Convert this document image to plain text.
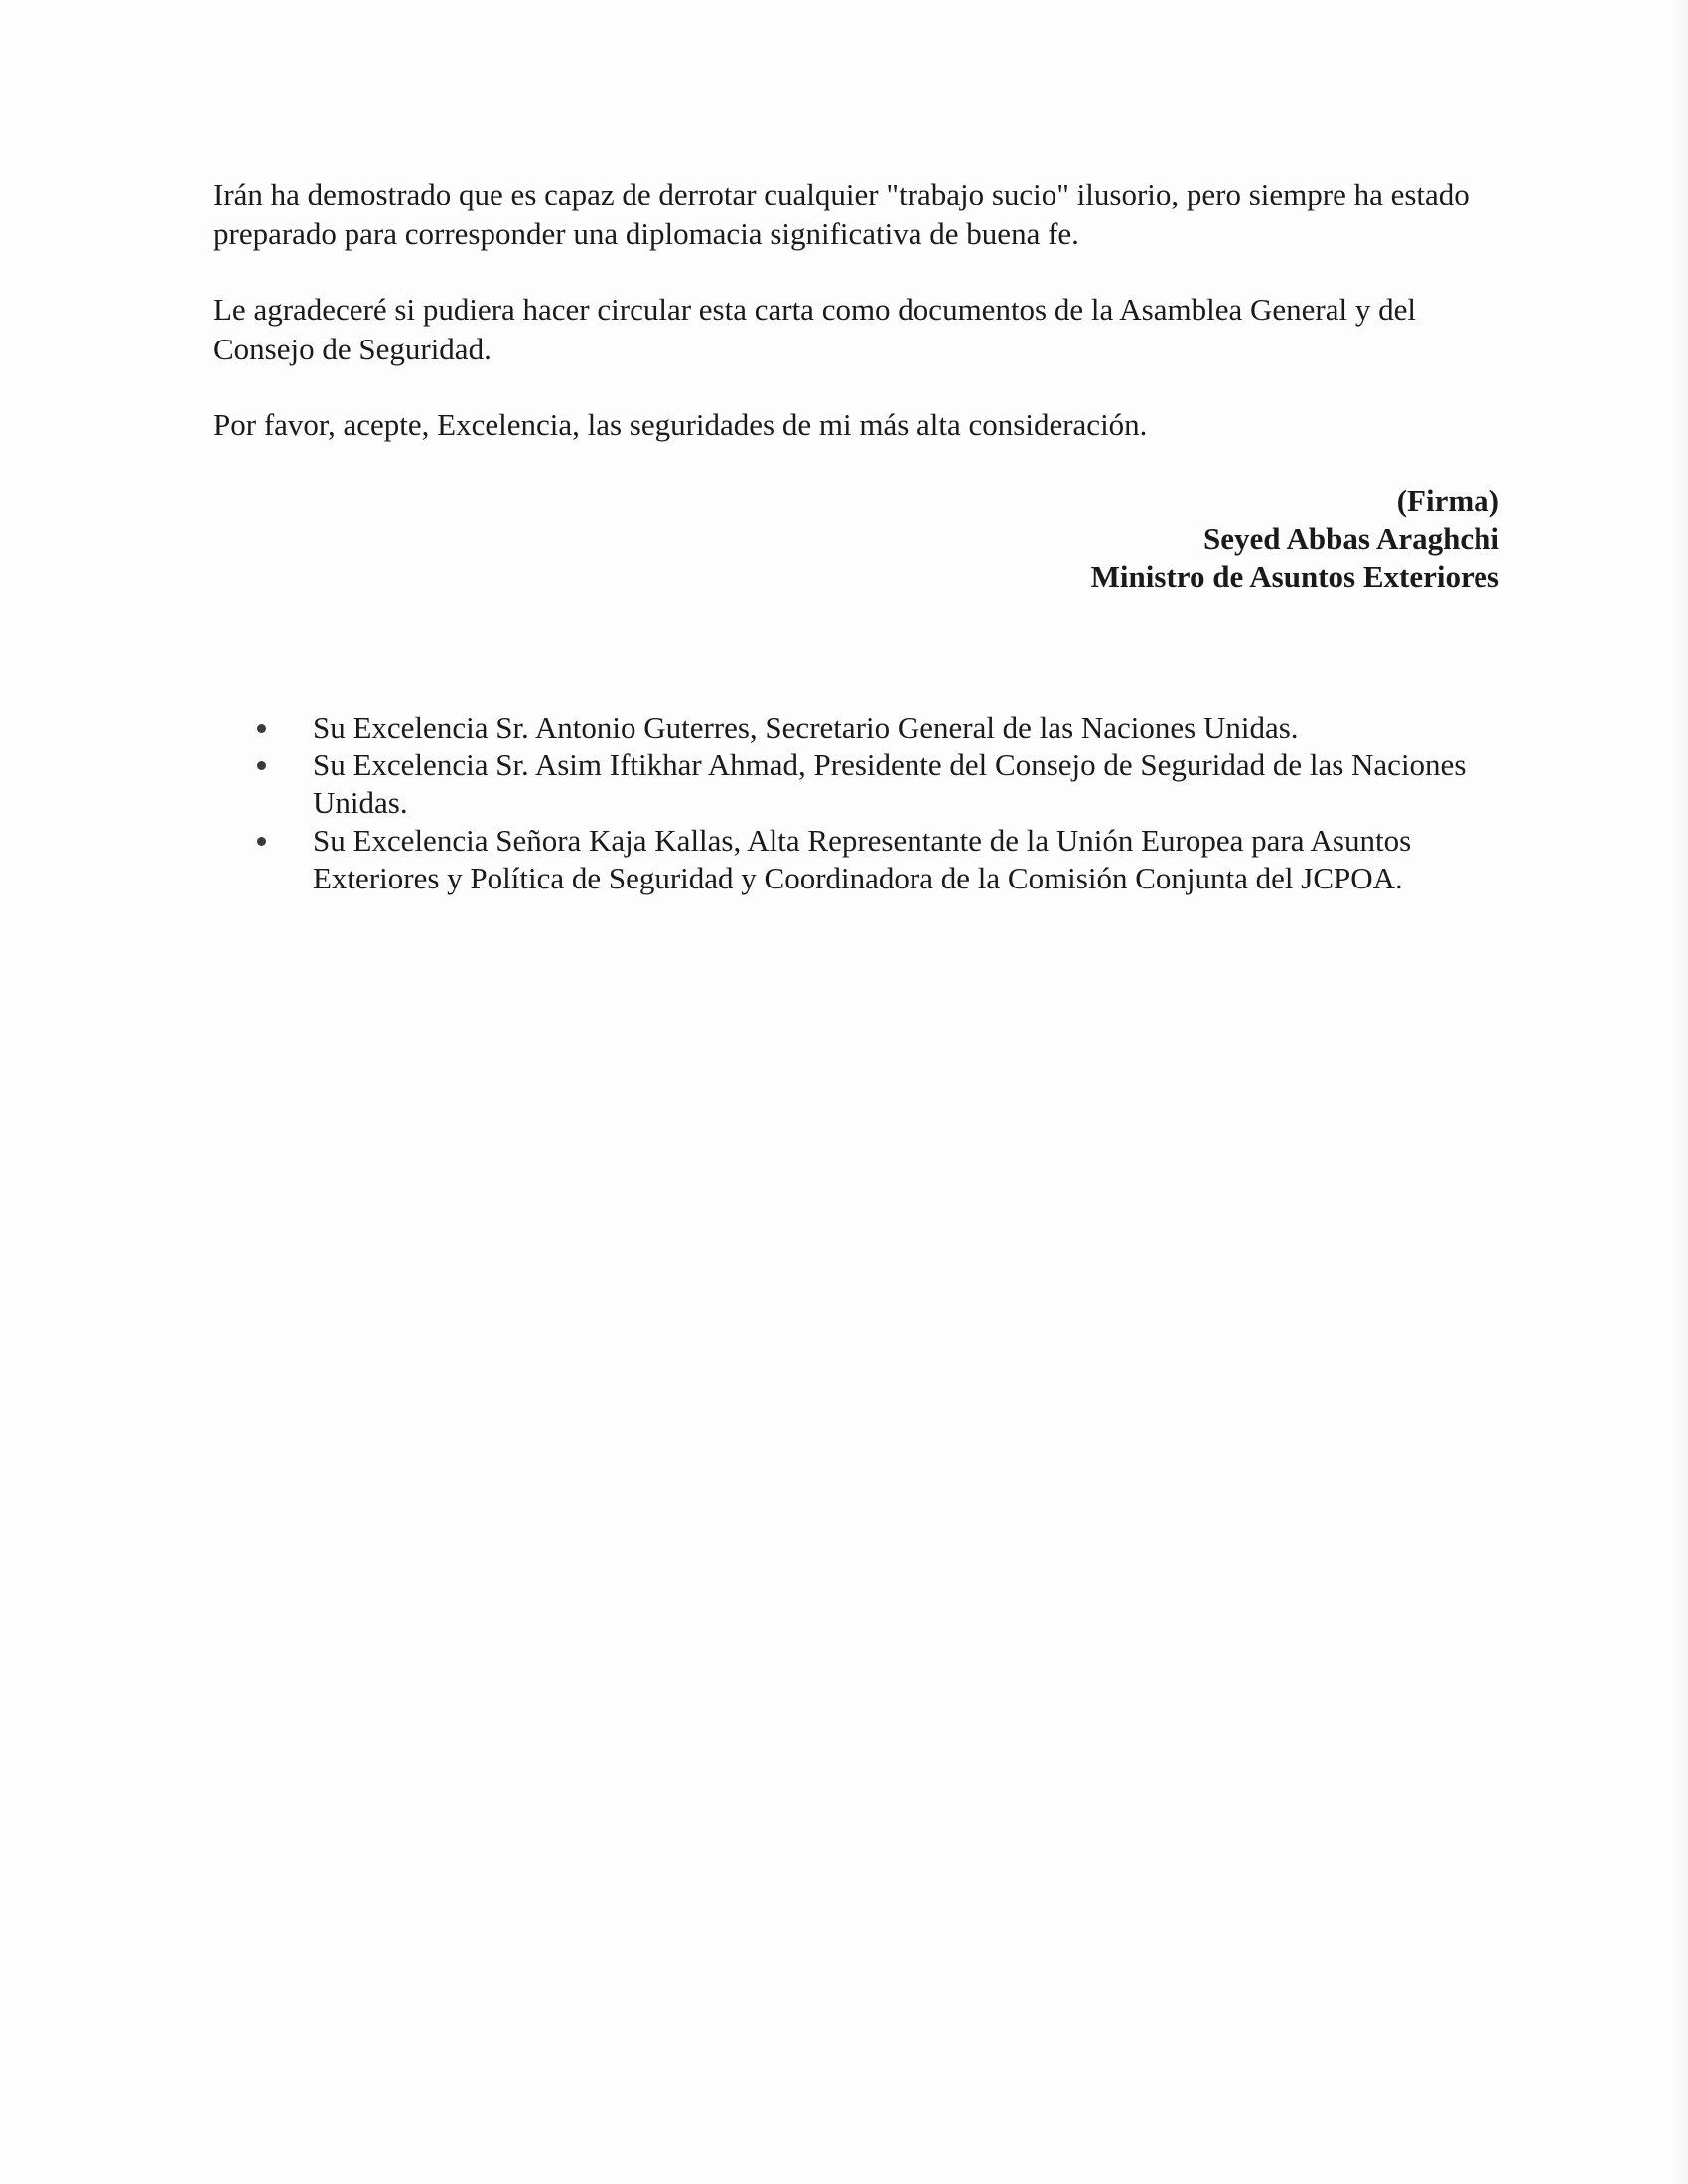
Irán ha demostrado que es capaz de derrotar cualquier "trabajo sucio" ilusorio, pero siempre ha estado preparado para corresponder una diplomacia significativa de buena fe.

Le agradeceré si pudiera hacer circular esta carta como documentos de la Asamblea General y del Consejo de Seguridad.

Por favor, acepte, Excelencia, las seguridades de mi más alta consideración.

(Firma)
Seyed Abbas Araghchi
Ministro de Asuntos Exteriores
Su Excelencia Sr. Antonio Guterres, Secretario General de las Naciones Unidas.
Su Excelencia Sr. Asim Iftikhar Ahmad, Presidente del Consejo de Seguridad de las Naciones Unidas.
Su Excelencia Señora Kaja Kallas, Alta Representante de la Unión Europea para Asuntos Exteriores y Política de Seguridad y Coordinadora de la Comisión Conjunta del JCPOA.
